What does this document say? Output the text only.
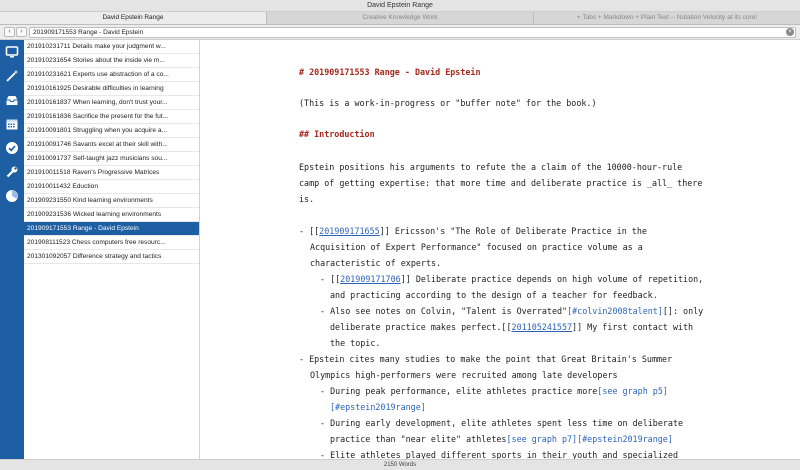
David Epstein Range
David Epstein Range	Creative Knowledge Work	+ Tabs + Markdown + Plain Text -- Notation Velocity at its core!
‹	›	201909171553 Range - David Epstein	×
201910231711 Details make your judgment w...
201910231654 Stories about the inside vie m...
201910231621 Experts use abstraction of a co...
201910161925 Desirable difficulties in learning
201910161837 When learning, don't trust your...
201910161836 Sacrifice the present for the fut...
201910091801 Struggling when you acquire a...
201910091746 Savants excel at their skill with...
201910091737 Self-taught jazz musicians sou...
201910011518 Raven's Progressive Matrices
201910011432 Eduction
201909231550 Kind learning environments
201909231536 Wicked learning environments
201909171553 Range - David Epstein
201908111523 Chess computers free resourc...
201301092057 Difference strategy and tactics
# 201909171553 Range - David Epstein
(This is a work-in-progress or "buffer note" for the book.)
## Introduction
Epstein positions his arguments to refute the a claim of the 10000-hour-rule
camp of getting expertise: that more time and deliberate practice is _all_ there
is.
- [[201909171655]] Ericsson's "The Role of Deliberate Practice in the
Acquisition of Expert Performance" focused on practice volume as a
characteristic of experts.
- [[201909171706]] Deliberate practice depends on high volume of repetition,
and practicing according to the design of a teacher for feedback.
- Also see notes on Colvin, "Talent is Overrated"[#colvin2008talent][]: only
deliberate practice makes perfect.[[201105241557]] My first contact with
the topic.
- Epstein cites many studies to make the point that Great Britain's Summer
Olympics high-performers were recruited among late developers
- During peak performance, elite athletes practice more[see graph p5]
[#epstein2019range]
- During early development, elite athletes spent less time on deliberate
practice than "near elite" athletes[see graph p7][#epstein2019range]
- Elite athletes played different sports in their youth and specialized
2150 Words
